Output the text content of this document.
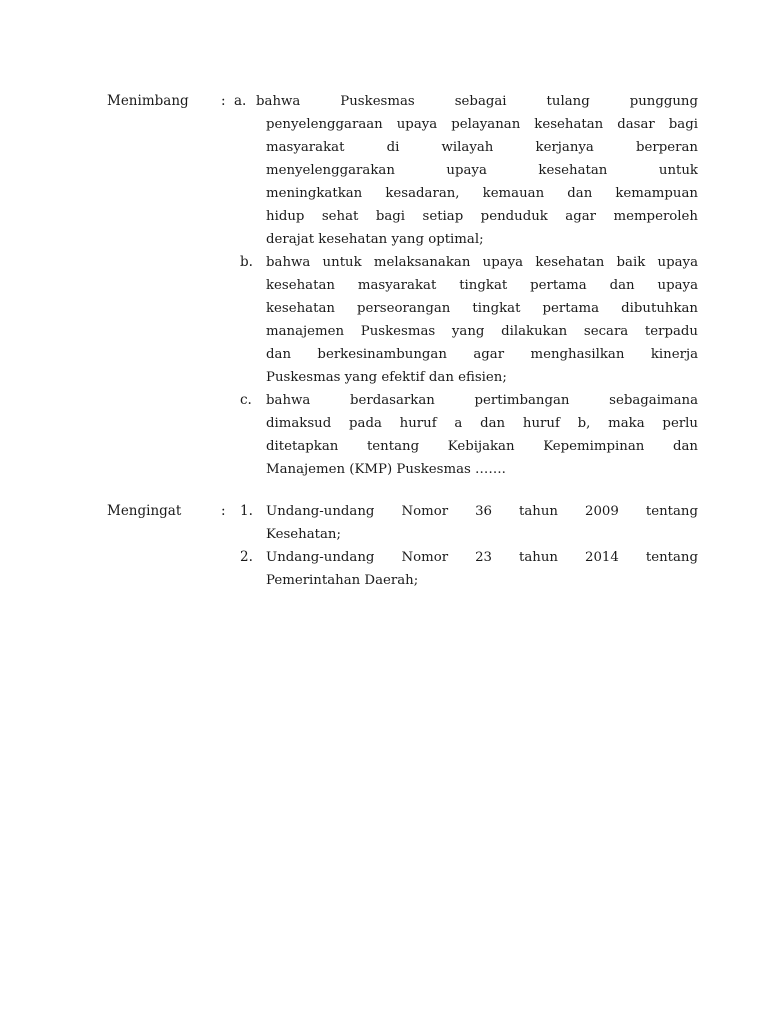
Menimbang : a. bahwa Puskesmas sebagai tulang punggung
penyelenggaraan upaya pelayanan kesehatan dasar bagi
masyarakat di wilayah kerjanya berperan
menyelenggarakan upaya kesehatan untuk
meningkatkan kesadaran, kemauan dan kemampuan
hidup sehat bagi setiap penduduk agar memperoleh
derajat kesehatan yang optimal;
b. bahwa untuk melaksanakan upaya kesehatan baik upaya
kesehatan masyarakat tingkat pertama dan upaya
kesehatan perseorangan tingkat pertama dibutuhkan
manajemen Puskesmas yang dilakukan secara terpadu
dan berkesinambungan agar menghasilkan kinerja
Puskesmas yang efektif dan efisien;
c. bahwa berdasarkan pertimbangan sebagaimana
dimaksud pada huruf a dan huruf b, maka perlu
ditetapkan tentang Kebijakan Kepemimpinan dan
Manajemen (KMP) Puskesmas …….
Mengingat	: 1. Undang-undang Nomor 36 tahun 2009 tentang
Kesehatan;
2. Undang-undang Nomor 23 tahun 2014 tentang
Pemerintahan Daerah;
